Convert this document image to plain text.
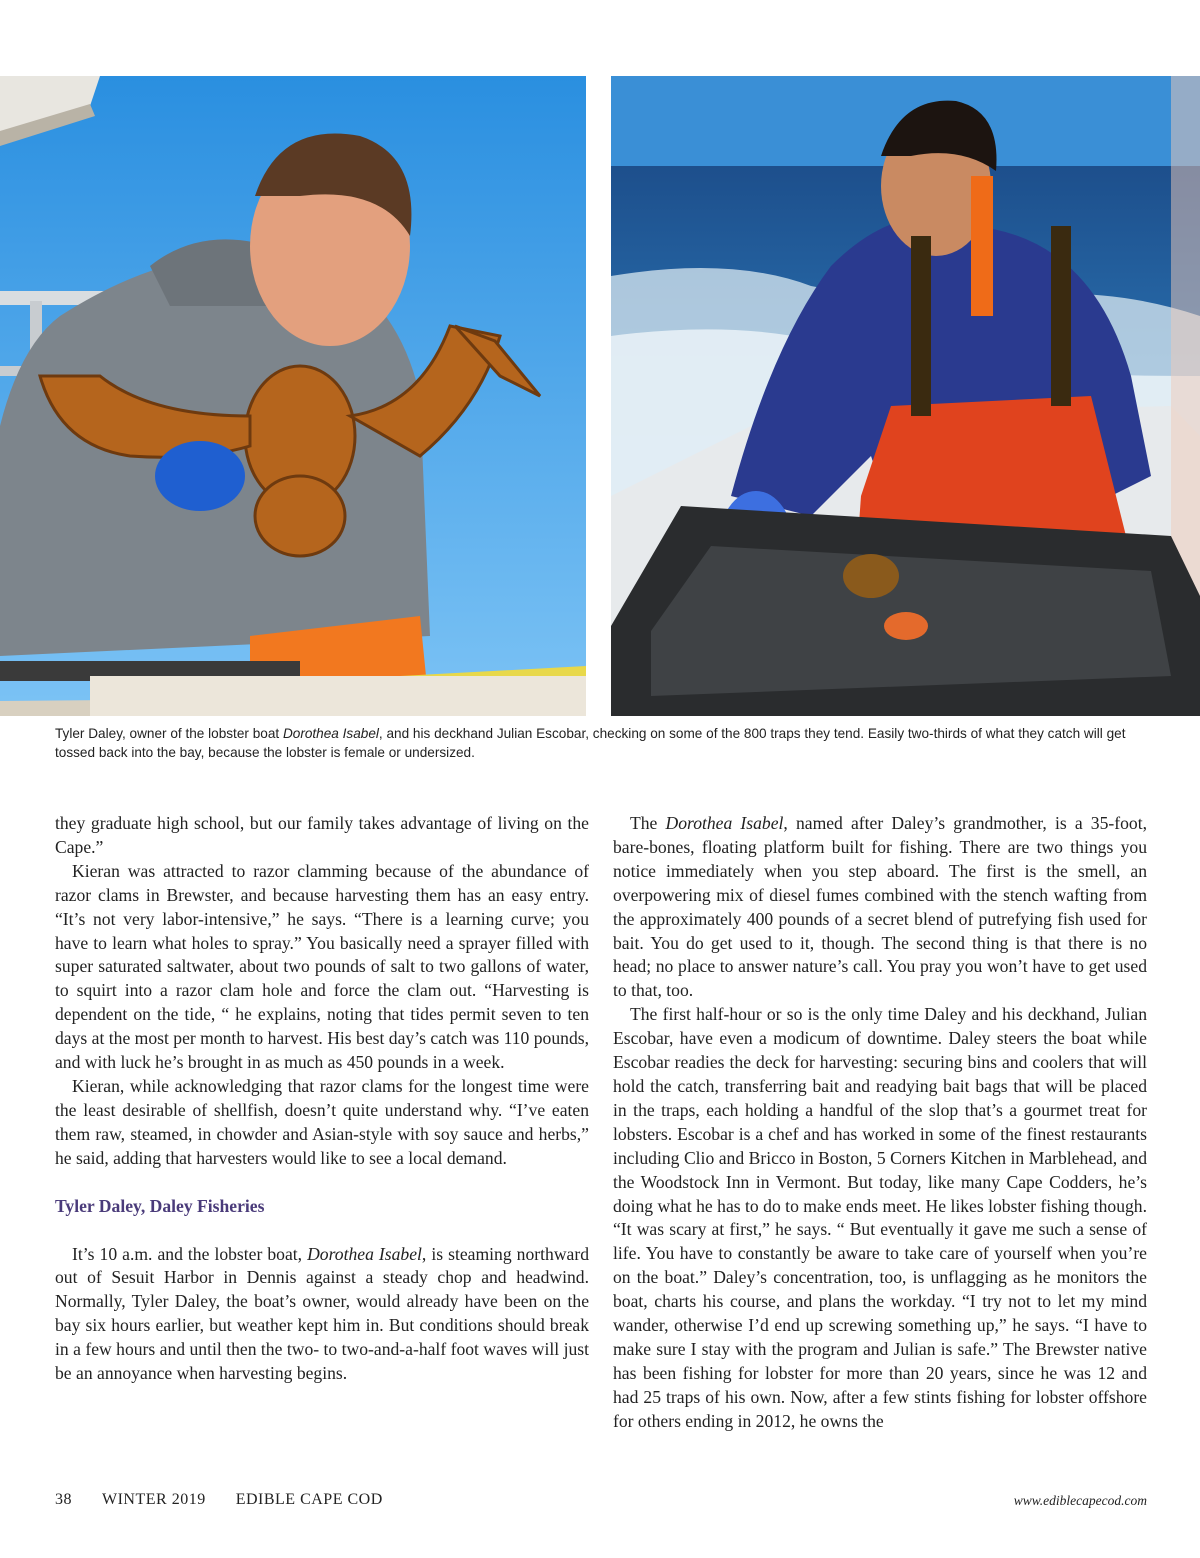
Tyler Daley, owner of the lobster boat Dorothea Isabel, and his deckhand Julian Escobar, checking on some of the 800 traps they tend. Easily two-thirds of what they catch will get tossed back into the bay, because the lobster is female or undersized.

they graduate high school, but our family takes advantage of living on the Cape.”

Kieran was attracted to razor clamming because of the abundance of razor clams in Brewster, and because harvesting them has an easy entry. “It’s not very labor-intensive,” he says. “There is a learning curve; you have to learn what holes to spray.” You basically need a sprayer filled with super saturated saltwater, about two pounds of salt to two gallons of water, to squirt into a razor clam hole and force the clam out. “Harvesting is dependent on the tide, “ he explains, noting that tides permit seven to ten days at the most per month to harvest. His best day’s catch was 110 pounds, and with luck he’s brought in as much as 450 pounds in a week.

Kieran, while acknowledging that razor clams for the longest time were the least desirable of shellfish, doesn’t quite understand why. “I’ve eaten them raw, steamed, in chowder and Asian-style with soy sauce and herbs,” he said, adding that harvesters would like to see a local demand.

Tyler Daley, Daley Fisheries

It’s 10 a.m. and the lobster boat, Dorothea Isabel, is steaming northward out of Sesuit Harbor in Dennis against a steady chop and headwind. Normally, Tyler Daley, the boat’s owner, would already have been on the bay six hours earlier, but weather kept him in. But conditions should break in a few hours and until then the two- to two-and-a-half foot waves will just be an annoyance when harvesting begins.

The Dorothea Isabel, named after Daley’s grandmother, is a 35-foot, bare-bones, floating platform built for fishing. There are two things you notice immediately when you step aboard. The first is the smell, an overpowering mix of diesel fumes combined with the stench wafting from the approximately 400 pounds of a secret blend of putrefying fish used for bait. You do get used to it, though. The second thing is that there is no head; no place to answer nature’s call. You pray you won’t have to get used to that, too.

The first half-hour or so is the only time Daley and his deckhand, Julian Escobar, have even a modicum of downtime. Daley steers the boat while Escobar readies the deck for harvesting: securing bins and coolers that will hold the catch, transferring bait and readying bait bags that will be placed in the traps, each holding a handful of the slop that’s a gourmet treat for lobsters. Escobar is a chef and has worked in some of the finest restaurants including Clio and Bricco in Boston, 5 Corners Kitchen in Marblehead, and the Woodstock Inn in Vermont. But today, like many Cape Codders, he’s doing what he has to do to make ends meet. He likes lobster fishing though. “It was scary at first,” he says. “ But eventually it gave me such a sense of life. You have to constantly be aware to take care of yourself when you’re on the boat.” Daley’s concentration, too, is unflagging as he monitors the boat, charts his course, and plans the workday. “I try not to let my mind wander, otherwise I’d end up screwing something up,” he says. “I have to make sure I stay with the program and Julian is safe.” The Brewster native has been fishing for lobster for more than 20 years, since he was 12 and had 25 traps of his own. Now, after a few stints fishing for lobster offshore for others ending in 2012, he owns the

38 WINTER 2019 EDIBLE CAPE COD	www.ediblecapecod.com
